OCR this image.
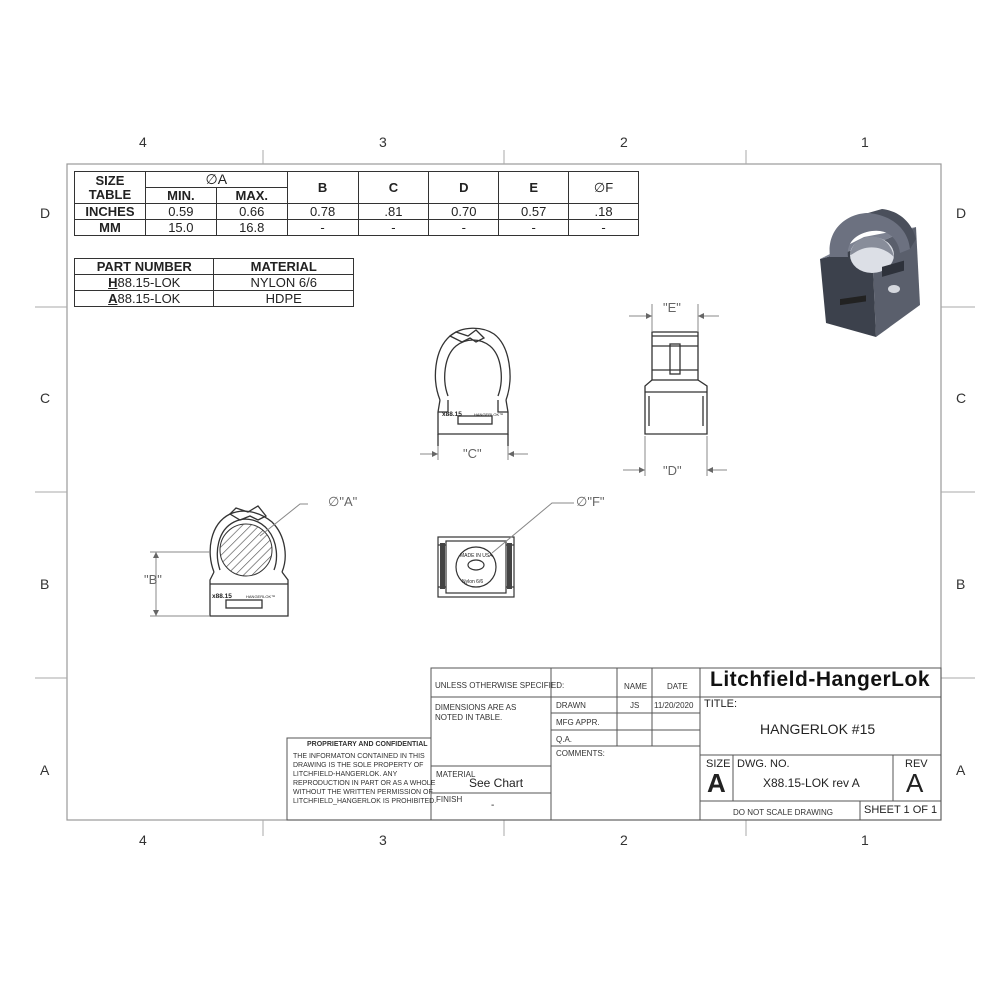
4	3	2	1
4	3	2	1
D
C
B
A
D
C
B
A
SIZE TABLE	∅A		B	C	D	E	∅F
	MIN.	MAX.					
INCHES	0.59	0.66	0.78	.81	0.70	0.57	.18
MM	15.0	16.8	-	-	-	-	-
PART NUMBER	MATERIAL
H88.15-LOK	NYLON 6/6
A88.15-LOK	HDPE
x88.15	HANGERLOK™
"C"
"E"
"D"
x88.15	HANGERLOK™
∅"A"
"B"
MADE IN USA
Nylon 6/6
∅"F"
Litchfield-HangerLok
UNLESS OTHERWISE SPECIFIED:
DIMENSIONS ARE AS NOTED IN TABLE.
NAME DATE
DRAWN	JS 11/20/2020
MFG APPR.
Q.A.
COMMENTS:
TITLE:
HANGERLOK #15
MATERIAL
See Chart
FINISH
-
SIZE
A
DWG. NO.
X88.15-LOK rev A
REV
A
DO NOT SCALE DRAWING	SHEET 1 OF 1
PROPRIETARY AND CONFIDENTIAL
THE INFORMATON CONTAINED IN THIS
DRAWING IS THE SOLE PROPERTY OF
LITCHFIELD-HANGERLOK. ANY
REPRODUCTION IN PART OR AS A WHOLE
WITHOUT THE WRITTEN PERMISSION OF
LITCHFIELD_HANGERLOK IS PROHIBITED.
